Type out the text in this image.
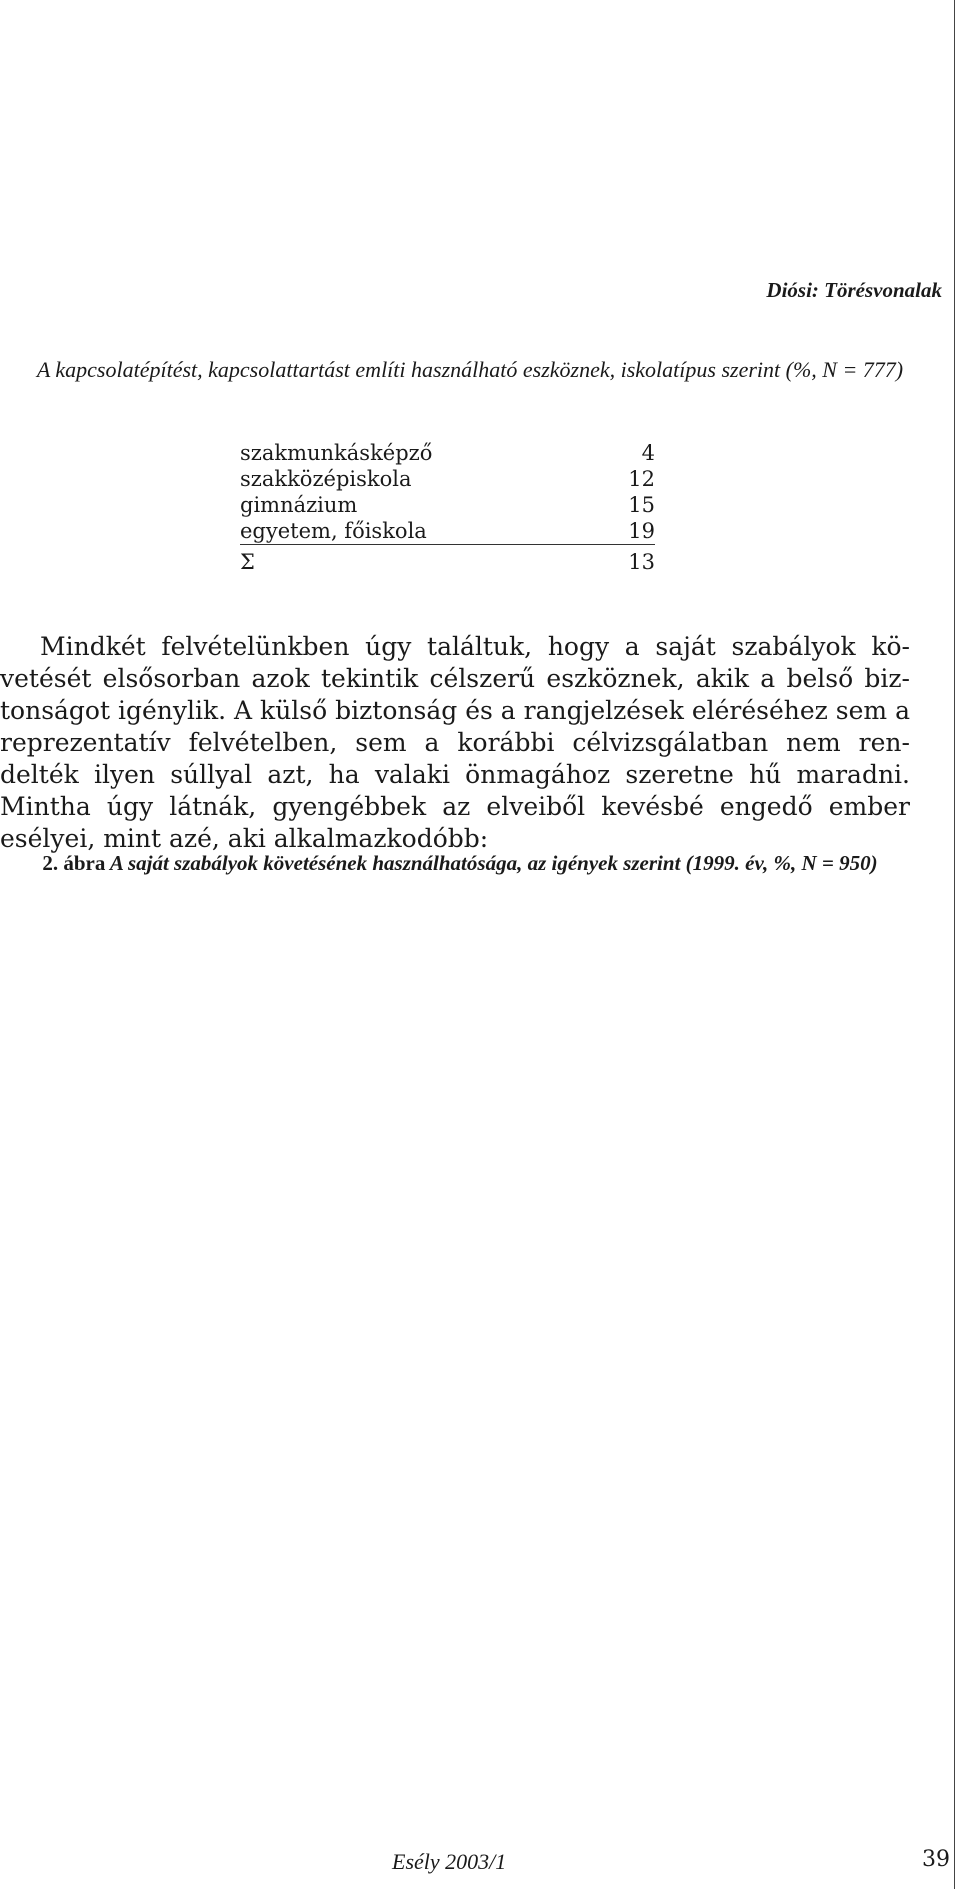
Diósi: Törésvonalak
A kapcsolatépítést, kapcsolattartást említi használható eszköznek, iskolatípus szerint (%, N = 777)
szakmunkásképző	4
szakközépiskola	12
gimnázium	15
egyetem, főiskola	19
Σ	13

Mindkét felvételünkben úgy találtuk, hogy a saját szabályok követését elsősorban azok tekintik célszerű eszköznek, akik a belső biztonságot igénylik. A külső biztonság és a rangjelzések eléréséhez sem a reprezentatív felvételben, sem a korábbi célvizsgálatban nem rendelték ilyen súllyal azt, ha valaki önmagához szeretne hű maradni. Mintha úgy látnák, gyengébbek az elveiből kevésbé engedő ember esélyei, mint azé, aki alkalmazkodóbb:

2. ábra A saját szabályok követésének használhatósága, az igények szerint (1999. év, %, N = 950)
Esély 2003/1	39
